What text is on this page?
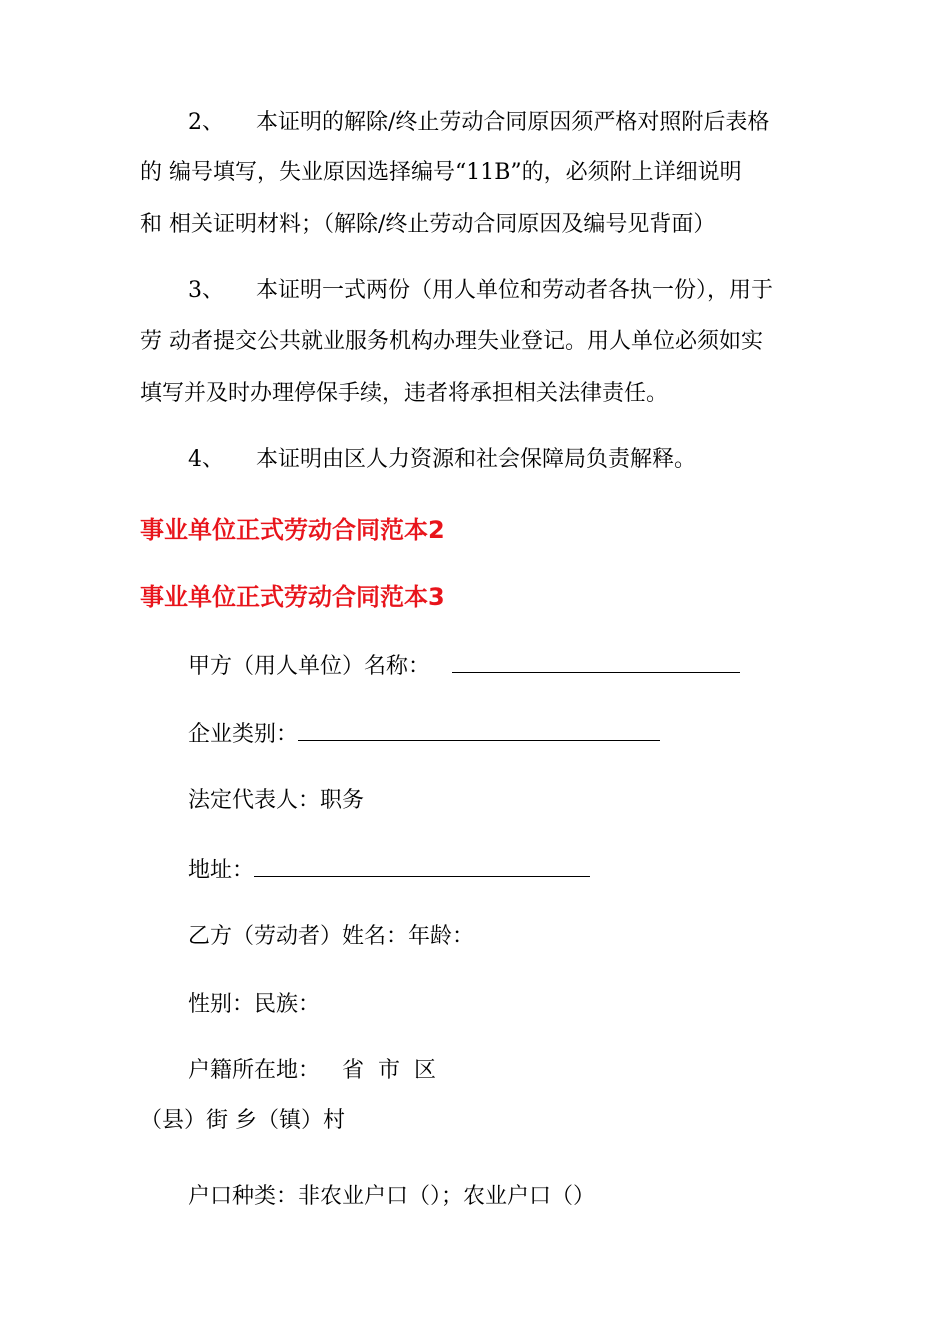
2、 本证明的解除/终止劳动合同原因须严格对照附后表格
的 编号填写，失业原因选择编号“11B”的，必须附上详细说明
和 相关证明材料；（解除/终止劳动合同原因及编号见背面）
3、 本证明一式两份（用人单位和劳动者各执一份），用于
劳 动者提交公共就业服务机构办理失业登记。用人单位必须如实
填写并及时办理停保手续，违者将承担相关法律责任。
4、 本证明由区人力资源和社会保障局负责解释。
事业单位正式劳动合同范本2
事业单位正式劳动合同范本3
甲方（用人单位）名称：
企业类别：
法定代表人：职务
地址：
乙方（劳动者）姓名：年龄：
性别：民族：
户籍所在地： 省 市 区
（县）街 乡（镇）村
户口种类：非农业户口（）；农业户口（）
